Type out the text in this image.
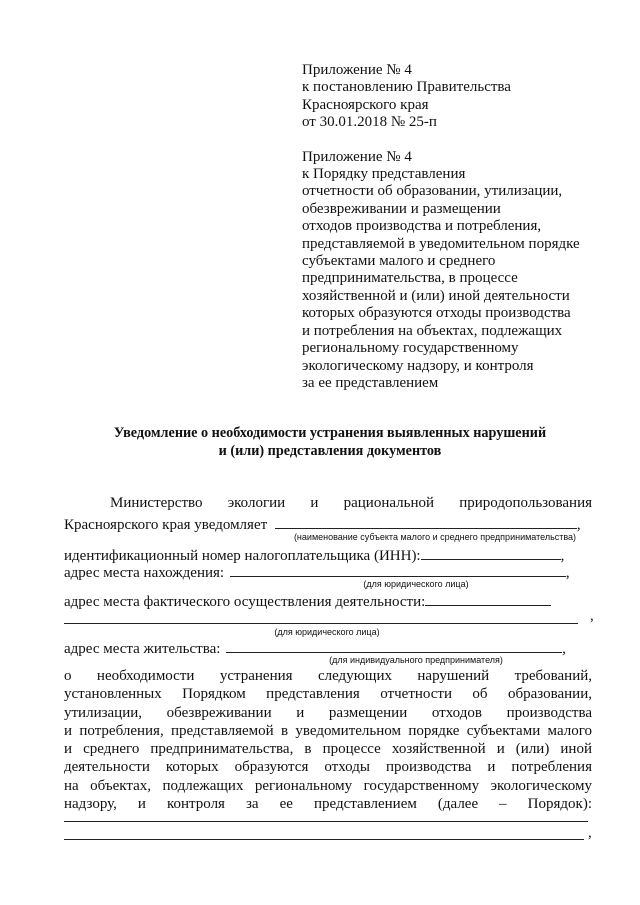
Приложение № 4
к постановлению Правительства
Красноярского края
от 30.01.2018 № 25-п
Приложение № 4
к Порядку представления
отчетности об образовании, утилизации,
обезвреживании и размещении
отходов производства и потребления,
представляемой в уведомительном порядке
субъектами малого и среднего
предпринимательства, в процессе
хозяйственной и (или) иной деятельности
которых образуются отходы производства
и потребления на объектах, подлежащих
региональному государственному
экологическому надзору, и контроля
за ее представлением
Уведомление о необходимости устранения выявленных нарушений
и (или) представления документов
Министерство экологии и рациональной природопользования
Красноярского края уведомляет	,
(наименование субъекта малого и среднего предпринимательства)
идентификационный номер налогоплательщика (ИНН):	,
адрес места нахождения:	,
(для юридического лица)
адрес места фактического осуществления деятельности:
,
(для юридического лица)
адрес места жительства:	,
(для индивидуального предпринимателя)
о необходимости устранения следующих нарушений требований,
установленных Порядком представления отчетности об образовании,
утилизации, обезвреживании и размещении отходов производства
и потребления, представляемой в уведомительном порядке субъектами малого
и среднего предпринимательства, в процессе хозяйственной и (или) иной
деятельности которых образуются отходы производства и потребления
на объектах, подлежащих региональному государственному экологическому
надзору, и контроля за ее представлением (далее – Порядок):
,
